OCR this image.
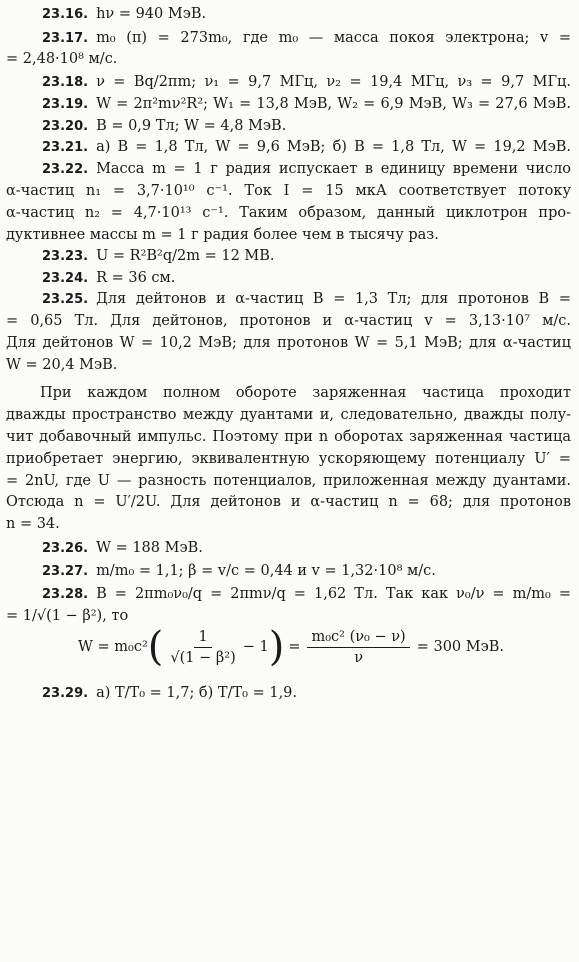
23.16. hν = 940 МэВ.
23.17. m₀ (π) = 273m₀, где m₀ — масса покоя электрона; v =
= 2,48·10⁸ м/с.
23.18. ν = Bq/2πm; ν₁ = 9,7 МГц, ν₂ = 19,4 МГц, ν₃ = 9,7 МГц.
23.19. W = 2π²mν²R²; W₁ = 13,8 МэВ, W₂ = 6,9 МэВ, W₃ = 27,6 МэВ.
23.20. B = 0,9 Тл; W = 4,8 МэВ.
23.21. а) B = 1,8 Тл, W = 9,6 МэВ; б) B = 1,8 Тл, W = 19,2 МэВ.
23.22. Масса m = 1 г радия испускает в единицу времени число
α-частиц n₁ = 3,7·10¹⁰ с⁻¹. Ток I = 15 мкА соответствует потоку
α-частиц n₂ = 4,7·10¹³ с⁻¹. Таким образом, данный циклотрон про-
дуктивнее массы m = 1 г радия более чем в тысячу раз.
23.23. U = R²B²q/2m = 12 МВ.
23.24. R = 36 см.
23.25. Для дейтонов и α-частиц B = 1,3 Тл; для протонов B =
= 0,65 Тл. Для дейтонов, протонов и α-частиц v = 3,13·10⁷ м/с.
Для дейтонов W = 10,2 МэВ; для протонов W = 5,1 МэВ; для α-частиц
W = 20,4 МэВ.
При каждом полном обороте заряженная частица проходит
дважды пространство между дуантами и, следовательно, дважды полу-
чит добавочный импульс. Поэтому при n оборотах заряженная частица
приобретает энергию, эквивалентную ускоряющему потенциалу U′ =
= 2nU, где U — разность потенциалов, приложенная между дуантами.
Отсюда n = U′/2U. Для дейтонов и α-частиц n = 68; для протонов
n = 34.
23.26. W = 188 МэВ.
23.27. m/m₀ = 1,1; β = v/c = 0,44 и v = 1,32·10⁸ м/с.
23.28. B = 2πm₀ν₀/q = 2πmν/q = 1,62 Тл. Так как ν₀/ν = m/m₀ =
= 1/√(1 − β²), то
W = m₀c² ( $\frac{1}{\text{√(1 − β²)}} - 1$ ) = $\frac{\text{m₀c² (ν₀ − ν)}}{\nu} = 300$ МэВ.
23.29. а) T/T₀ = 1,7; б) T/T₀ = 1,9.
